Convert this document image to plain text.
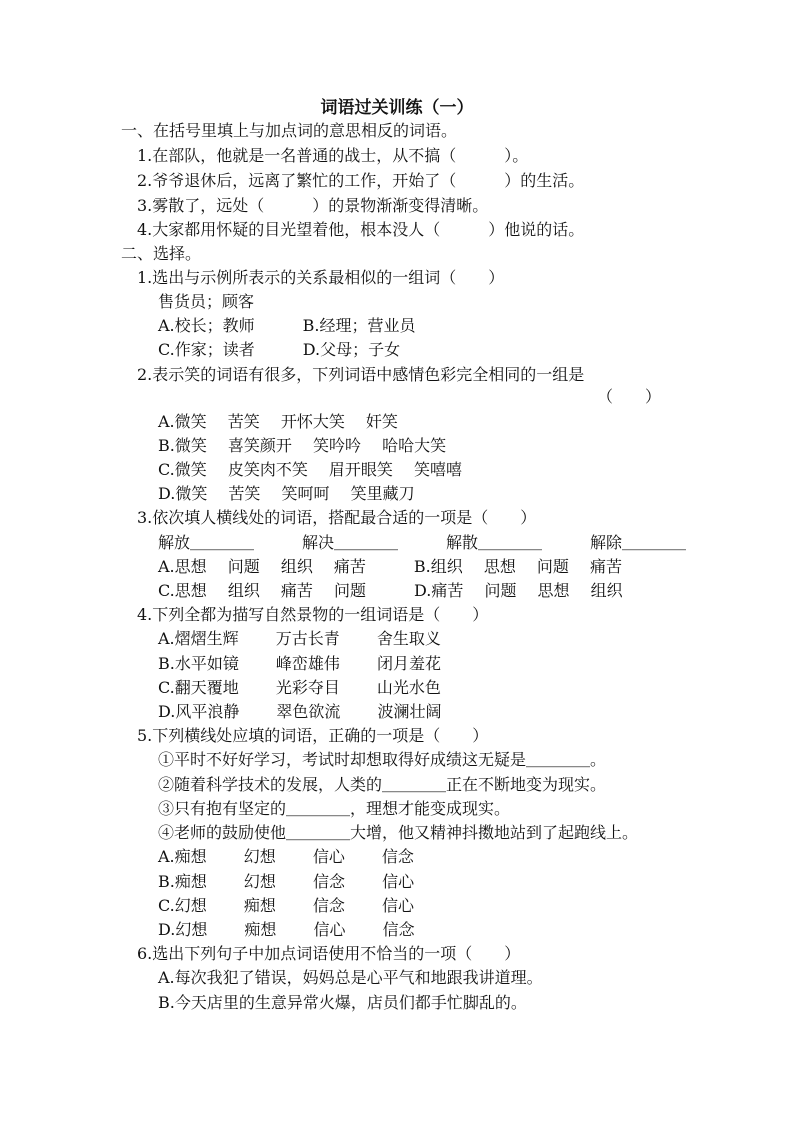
词语过关训练（一）
一、在括号里填上与加点词的意思相反的词语。
1.在部队，他就是一名普通的战士，从不搞（　　　）。
2.爷爷退休后，远离了繁忙的工作，开始了（　　　）的生活。
3.雾散了，远处（　　　）的景物渐渐变得清晰。
4.大家都用怀疑的目光望着他，根本没人（　　　）他说的话。
二、选择。
1.选出与示例所表示的关系最相似的一组词（　　）
售货员；顾客
A.校长；教师　　　B.经理；营业员
C.作家；读者　　　D.父母；子女
2.表示笑的词语有很多，下列词语中感情色彩完全相同的一组是
（　　）
A.微笑　 苦笑　 开怀大笑　 奸笑
B.微笑　 喜笑颜开　 笑吟吟　 哈哈大笑
C.微笑　 皮笑肉不笑　 眉开眼笑　 笑嘻嘻
D.微笑　 苦笑　 笑呵呵　 笑里藏刀
3.依次填人横线处的词语，搭配最合适的一项是（　　）
解放＿＿＿＿　　　解决＿＿＿＿　　　解散＿＿＿＿　　　解除＿＿＿＿
A.思想　 问题　 组织　 痛苦　　　B.组织　 思想　 问题　 痛苦
C.思想　 组织　 痛苦　 问题　　　D.痛苦　 问题　 思想　 组织
4.下列全都为描写自然景物的一组词语是（　　）
A.熠熠生辉　　 万古长青　　 舍生取义
B.水平如镜　　 峰峦雄伟　　 闭月羞花
C.翻天覆地　　 光彩夺目　　 山光水色
D.风平浪静　　 翠色欲流　　 波澜壮阔
5.下列横线处应填的词语，正确的一项是（　　）
①平时不好好学习，考试时却想取得好成绩这无疑是＿＿＿＿。
②随着科学技术的发展，人类的＿＿＿＿正在不断地变为现实。
③只有抱有坚定的＿＿＿＿，理想才能变成现实。
④老师的鼓励使他＿＿＿＿大增，他又精神抖擞地站到了起跑线上。
A.痴想　　 幻想　　 信心　　 信念
B.痴想　　 幻想　　 信念　　 信心
C.幻想　　 痴想　　 信念　　 信心
D.幻想　　 痴想　　 信心　　 信念
6.选出下列句子中加点词语使用不恰当的一项（　　）
A.每次我犯了错误，妈妈总是心平气和地跟我讲道理。
B.今天店里的生意异常火爆，店员们都手忙脚乱的。
